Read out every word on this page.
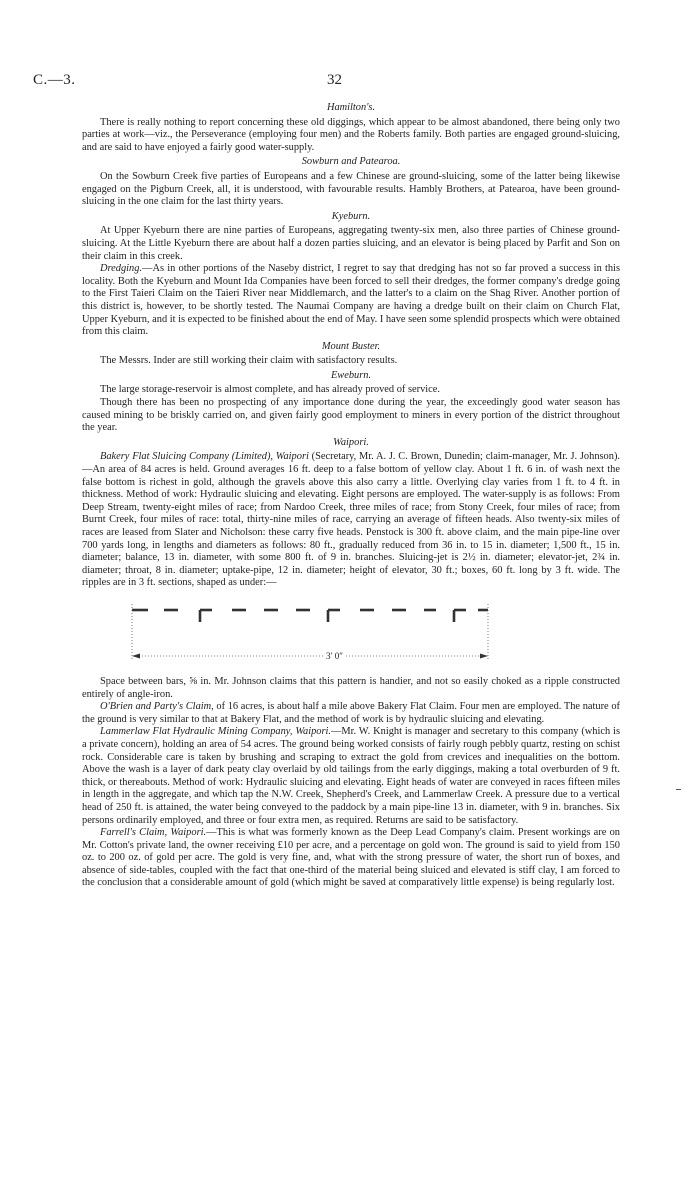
C.—3.	32
Hamilton's.

There is really nothing to report concerning these old diggings, which appear to be almost abandoned, there being only two parties at work—viz., the Perseverance (employing four men) and the Roberts family. Both parties are engaged ground-sluicing, and are said to have enjoyed a fairly good water-supply.

Sowburn and Patearoa.

On the Sowburn Creek five parties of Europeans and a few Chinese are ground-sluicing, some of the latter being likewise engaged on the Pigburn Creek, all, it is understood, with favourable results. Hambly Brothers, at Patearoa, have been ground-sluicing in the one claim for the last thirty years.

Kyeburn.

At Upper Kyeburn there are nine parties of Europeans, aggregating twenty-six men, also three parties of Chinese ground-sluicing. At the Little Kyeburn there are about half a dozen parties sluicing, and an elevator is being placed by Parfit and Son on their claim in this creek.

Dredging.—As in other portions of the Naseby district, I regret to say that dredging has not so far proved a success in this locality. Both the Kyeburn and Mount Ida Companies have been forced to sell their dredges, the former company's dredge going to the First Taieri Claim on the Taieri River near Middlemarch, and the latter's to a claim on the Shag River. Another portion of this district is, however, to be shortly tested. The Naumai Company are having a dredge built on their claim on Church Flat, Upper Kyeburn, and it is expected to be finished about the end of May. I have seen some splendid prospects which were obtained from this claim.

Mount Buster.

The Messrs. Inder are still working their claim with satisfactory results.

Eweburn.

The large storage-reservoir is almost complete, and has already proved of service.

Though there has been no prospecting of any importance done during the year, the exceedingly good water season has caused mining to be briskly carried on, and given fairly good employment to miners in every portion of the district throughout the year.

Waipori.

Bakery Flat Sluicing Company (Limited), Waipori (Secretary, Mr. A. J. C. Brown, Dunedin; claim-manager, Mr. J. Johnson).—An area of 84 acres is held. Ground averages 16 ft. deep to a false bottom of yellow clay. About 1 ft. 6 in. of wash next the false bottom is richest in gold, although the gravels above this also carry a little. Overlying clay varies from 1 ft. to 4 ft. in thickness. Method of work: Hydraulic sluicing and elevating. Eight persons are employed. The water-supply is as follows: From Deep Stream, twenty-eight miles of race; from Nardoo Creek, three miles of race; from Stony Creek, four miles of race; from Burnt Creek, four miles of race: total, thirty-nine miles of race, carrying an average of fifteen heads. Also twenty-six miles of races are leased from Slater and Nicholson: these carry five heads. Penstock is 300 ft. above claim, and the main pipe-line over 700 yards long, in lengths and diameters as follows: 80 ft., gradually reduced from 36 in. to 15 in. diameter; 1,500 ft., 15 in. diameter; balance, 13 in. diameter, with some 800 ft. of 9 in. branches. Sluicing-jet is 2½ in. diameter; elevator-jet, 2¾ in. diameter; throat, 8 in. diameter; uptake-pipe, 12 in. diameter; height of elevator, 30 ft.; boxes, 60 ft. long by 3 ft. wide. The ripples are in 3 ft. sections, shaped as under:—

3′ 0″

Space between bars, ⅝ in. Mr. Johnson claims that this pattern is handier, and not so easily choked as a ripple constructed entirely of angle-iron.

O'Brien and Party's Claim, of 16 acres, is about half a mile above Bakery Flat Claim. Four men are employed. The nature of the ground is very similar to that at Bakery Flat, and the method of work is by hydraulic sluicing and elevating.

Lammerlaw Flat Hydraulic Mining Company, Waipori.—Mr. W. Knight is manager and secretary to this company (which is a private concern), holding an area of 54 acres. The ground being worked consists of fairly rough pebbly quartz, resting on schist rock. Considerable care is taken by brushing and scraping to extract the gold from crevices and inequalities on the bottom. Above the wash is a layer of dark peaty clay overlaid by old tailings from the early diggings, making a total overburden of 9 ft. thick, or thereabouts. Method of work: Hydraulic sluicing and elevating. Eight heads of water are conveyed in races fifteen miles in length in the aggregate, and which tap the N.W. Creek, Shepherd's Creek, and Lammerlaw Creek. A pressure due to a vertical head of 250 ft. is attained, the water being conveyed to the paddock by a main pipe-line 13 in. diameter, with 9 in. branches. Six persons ordinarily employed, and three or four extra men, as required. Returns are said to be satisfactory.

Farrell's Claim, Waipori.—This is what was formerly known as the Deep Lead Company's claim. Present workings are on Mr. Cotton's private land, the owner receiving £10 per acre, and a percentage on gold won. The ground is said to yield from 150 oz. to 200 oz. of gold per acre. The gold is very fine, and, what with the strong pressure of water, the short run of boxes, and absence of side-tables, coupled with the fact that one-third of the material being sluiced and elevated is stiff clay, I am forced to the conclusion that a considerable amount of gold (which might be saved at comparatively little expense) is being regularly lost.
